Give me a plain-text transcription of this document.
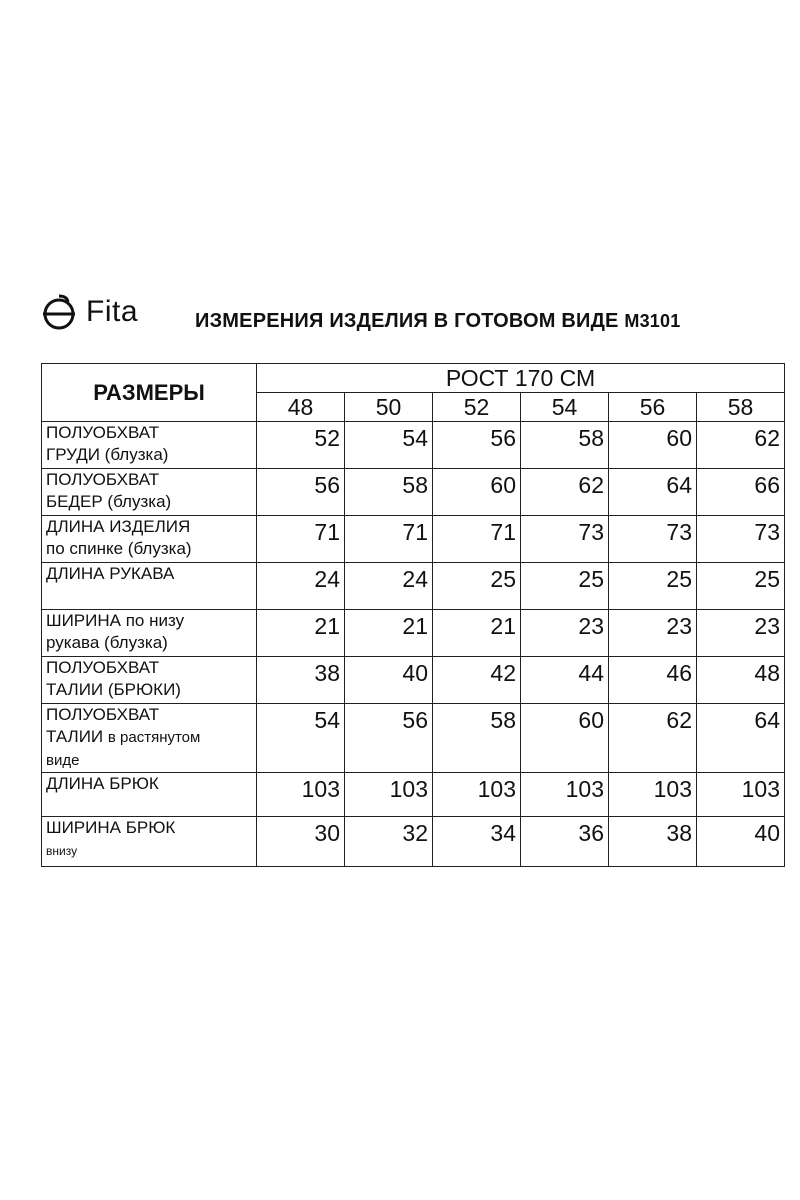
Fita	ИЗМЕРЕНИЯ ИЗДЕЛИЯ В ГОТОВОМ ВИДЕ М3101
РАЗМЕРЫ	РОСТ 170 СМ					
	48	50	52	54	56	58
ПОЛУОБХВАТ
ГРУДИ (блузка)	52	54	56	58	60	62
ПОЛУОБХВАТ
БЕДЕР (блузка)	56	58	60	62	64	66
ДЛИНА ИЗДЕЛИЯ
по спинке (блузка)	71	71	71	73	73	73
ДЛИНА РУКАВА	24	24	25	25	25	25
ШИРИНА по низу
рукава (блузка)	21	21	21	23	23	23
ПОЛУОБХВАТ
ТАЛИИ (БРЮКИ)	38	40	42	44	46	48
ПОЛУОБХВАТ
ТАЛИИ в растянутом
виде	54	56	58	60	62	64
ДЛИНА БРЮК	103	103	103	103	103	103
ШИРИНА БРЮК
внизу	30	32	34	36	38	40
